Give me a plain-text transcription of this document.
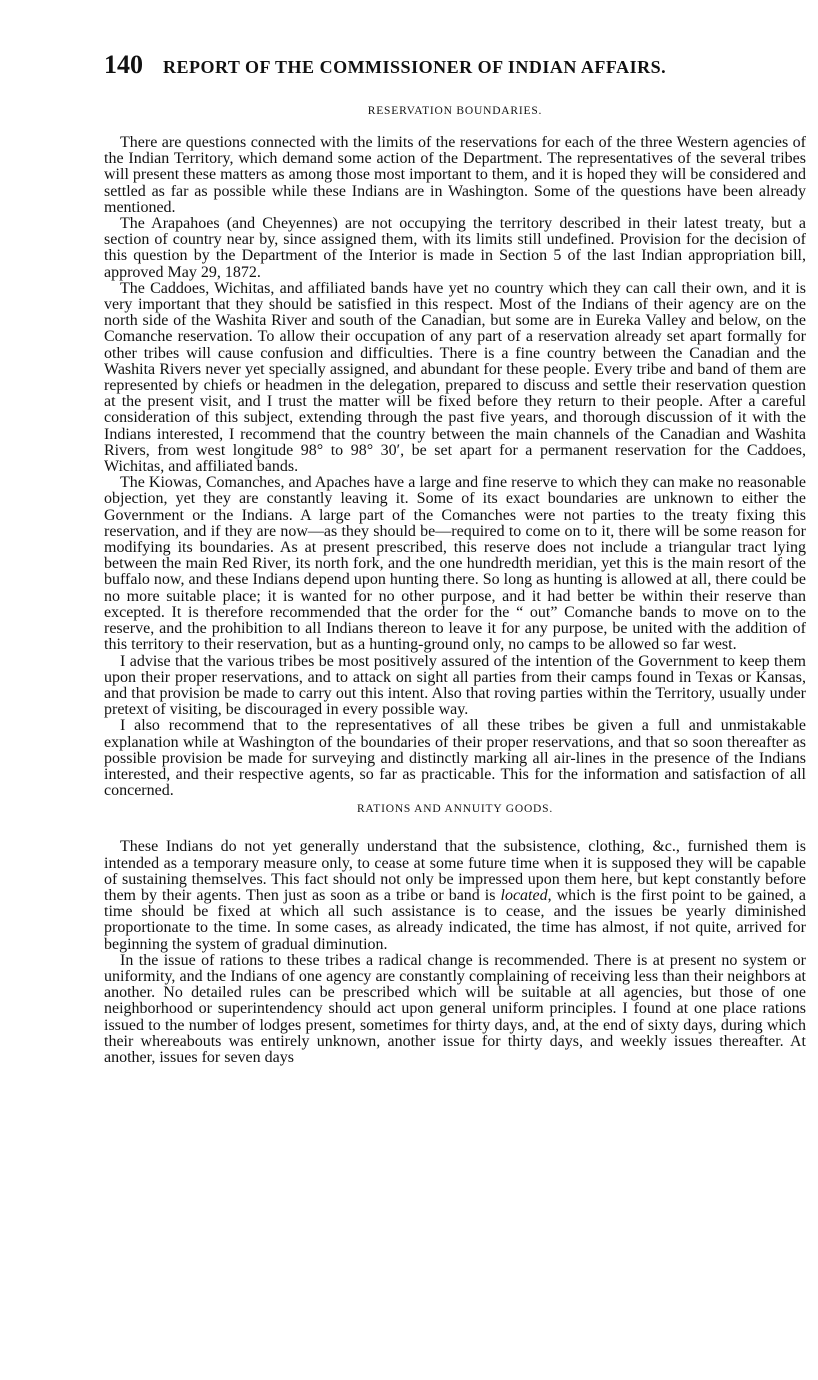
140 REPORT OF THE COMMISSIONER OF INDIAN AFFAIRS.
RESERVATION BOUNDARIES.

There are questions connected with the limits of the reservations for each of the three Western agencies of the Indian Territory, which demand some action of the Department. The representatives of the several tribes will present these matters as among those most important to them, and it is hoped they will be considered and settled as far as possible while these Indians are in Washington. Some of the questions have been already mentioned.

The Arapahoes (and Cheyennes) are not occupying the territory described in their latest treaty, but a section of country near by, since assigned them, with its limits still undefined. Provision for the decision of this question by the Department of the Interior is made in Section 5 of the last Indian appropriation bill, approved May 29, 1872.

The Caddoes, Wichitas, and affiliated bands have yet no country which they can call their own, and it is very important that they should be satisfied in this respect. Most of the Indians of their agency are on the north side of the Washita River and south of the Canadian, but some are in Eureka Valley and below, on the Comanche reservation. To allow their occupation of any part of a reservation already set apart formally for other tribes will cause confusion and difficulties. There is a fine country between the Canadian and the Washita Rivers never yet specially assigned, and abundant for these people. Every tribe and band of them are represented by chiefs or headmen in the delegation, prepared to discuss and settle their reservation question at the present visit, and I trust the matter will be fixed before they return to their people. After a careful consideration of this subject, extending through the past five years, and thorough discussion of it with the Indians interested, I recommend that the country between the main channels of the Canadian and Washita Rivers, from west longitude 98° to 98° 30′, be set apart for a permanent reservation for the Caddoes, Wichitas, and affiliated bands.

The Kiowas, Comanches, and Apaches have a large and fine reserve to which they can make no reasonable objection, yet they are constantly leaving it. Some of its exact boundaries are unknown to either the Government or the Indians. A large part of the Comanches were not parties to the treaty fixing this reservation, and if they are now—as they should be—required to come on to it, there will be some reason for modifying its boundaries. As at present prescribed, this reserve does not include a triangular tract lying between the main Red River, its north fork, and the one hundredth meridian, yet this is the main resort of the buffalo now, and these Indians depend upon hunting there. So long as hunting is allowed at all, there could be no more suitable place; it is wanted for no other purpose, and it had better be within their reserve than excepted. It is therefore recommended that the order for the “ out” Comanche bands to move on to the reserve, and the prohibition to all Indians thereon to leave it for any purpose, be united with the addition of this territory to their reservation, but as a hunting-ground only, no camps to be allowed so far west.

I advise that the various tribes be most positively assured of the intention of the Government to keep them upon their proper reservations, and to attack on sight all parties from their camps found in Texas or Kansas, and that provision be made to carry out this intent. Also that roving parties within the Territory, usually under pretext of visiting, be discouraged in every possible way.

I also recommend that to the representatives of all these tribes be given a full and unmistakable explanation while at Washington of the boundaries of their proper reservations, and that so soon thereafter as possible provision be made for surveying and distinctly marking all air-lines in the presence of the Indians interested, and their respective agents, so far as practicable. This for the information and satisfaction of all concerned.

RATIONS AND ANNUITY GOODS.

These Indians do not yet generally understand that the subsistence, clothing, &c., furnished them is intended as a temporary measure only, to cease at some future time when it is supposed they will be capable of sustaining themselves. This fact should not only be impressed upon them here, but kept constantly before them by their agents. Then just as soon as a tribe or band is located, which is the first point to be gained, a time should be fixed at which all such assistance is to cease, and the issues be yearly diminished proportionate to the time. In some cases, as already indicated, the time has almost, if not quite, arrived for beginning the system of gradual diminution.

In the issue of rations to these tribes a radical change is recommended. There is at present no system or uniformity, and the Indians of one agency are constantly complaining of receiving less than their neighbors at another. No detailed rules can be prescribed which will be suitable at all agencies, but those of one neighborhood or superintendency should act upon general uniform principles. I found at one place rations issued to the number of lodges present, sometimes for thirty days, and, at the end of sixty days, during which their whereabouts was entirely unknown, another issue for thirty days, and weekly issues thereafter. At another, issues for seven days
